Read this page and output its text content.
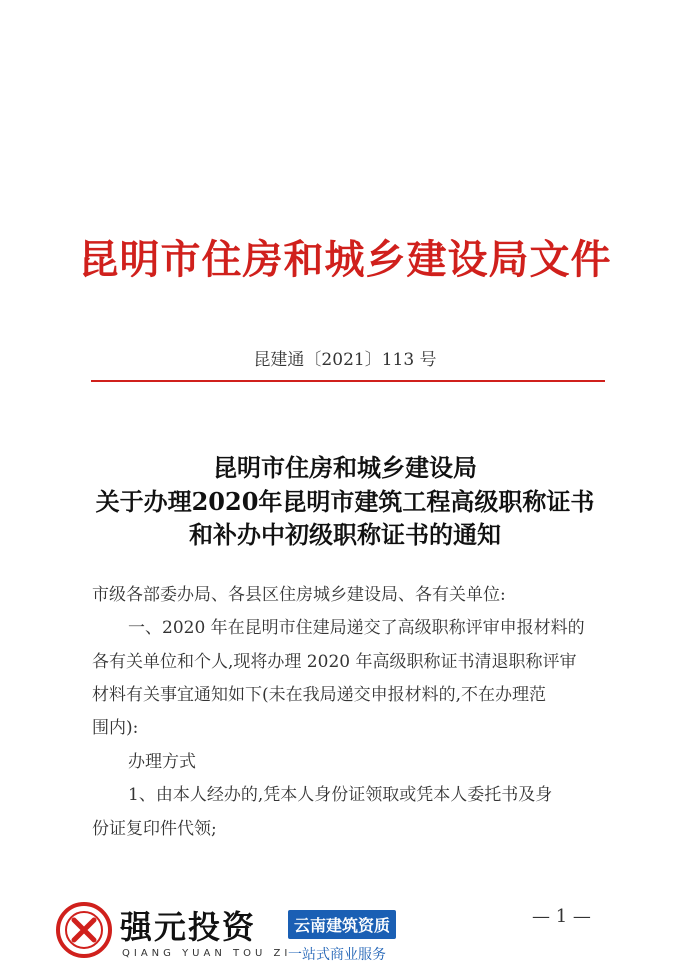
昆明市住房和城乡建设局文件
昆建通〔2021〕113 号
昆明市住房和城乡建设局
关于办理2020年昆明市建筑工程高级职称证书
和补办中初级职称证书的通知
市级各部委办局、各县区住房城乡建设局、各有关单位:
一、2020 年在昆明市住建局递交了高级职称评审申报材料的
各有关单位和个人,现将办理 2020 年高级职称证书清退职称评审
材料有关事宜通知如下(未在我局递交申报材料的,不在办理范
围内):
办理方式
1、由本人经办的,凭本人身份证领取或凭本人委托书及身
份证复印件代领;
— 1 —
强元投资
QIANG YUAN TOU ZI
云南建筑资质
一站式商业服务
